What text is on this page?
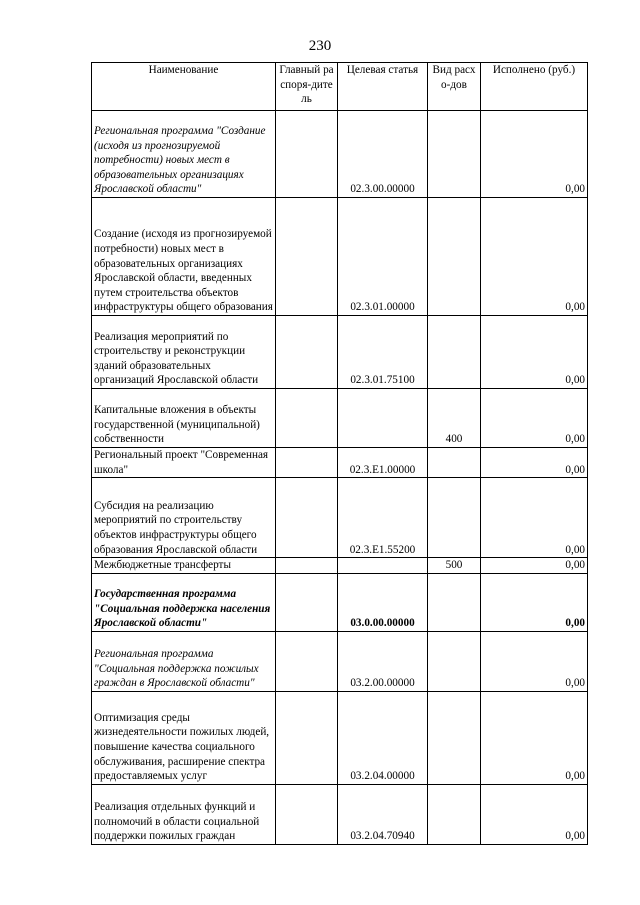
230
Наименование	Главный распоря-дитель	Целевая статья	Вид расхо-дов	Исполнено (руб.)
Региональная программа "Создание (исходя из прогнозируемой потребности) новых мест в образовательных организациях Ярославской области"		02.3.00.00000		0,00
Создание (исходя из прогнозируемой потребности) новых мест в образовательных организациях Ярославской области, введенных путем строительства объектов инфраструктуры общего образования		02.3.01.00000		0,00
Реализация мероприятий по строительству и реконструкции зданий образовательных организаций Ярославской области		02.3.01.75100		0,00
Капитальные вложения в объекты государственной (муниципальной) собственности			400	0,00
Региональный проект "Современная школа"		02.3.E1.00000		0,00
Субсидия на реализацию мероприятий по строительству объектов инфраструктуры общего образования Ярославской области		02.3.E1.55200		0,00
Межбюджетные трансферты			500	0,00
Государственная программа "Социальная поддержка населения Ярославской области"		03.0.00.00000		0,00
Региональная программа "Социальная поддержка пожилых граждан в Ярославской области"		03.2.00.00000		0,00
Оптимизация среды жизнедеятельности пожилых людей, повышение качества социального обслуживания, расширение спектра предоставляемых услуг		03.2.04.00000		0,00
Реализация отдельных функций и полномочий в области социальной поддержки пожилых граждан		03.2.04.70940		0,00
